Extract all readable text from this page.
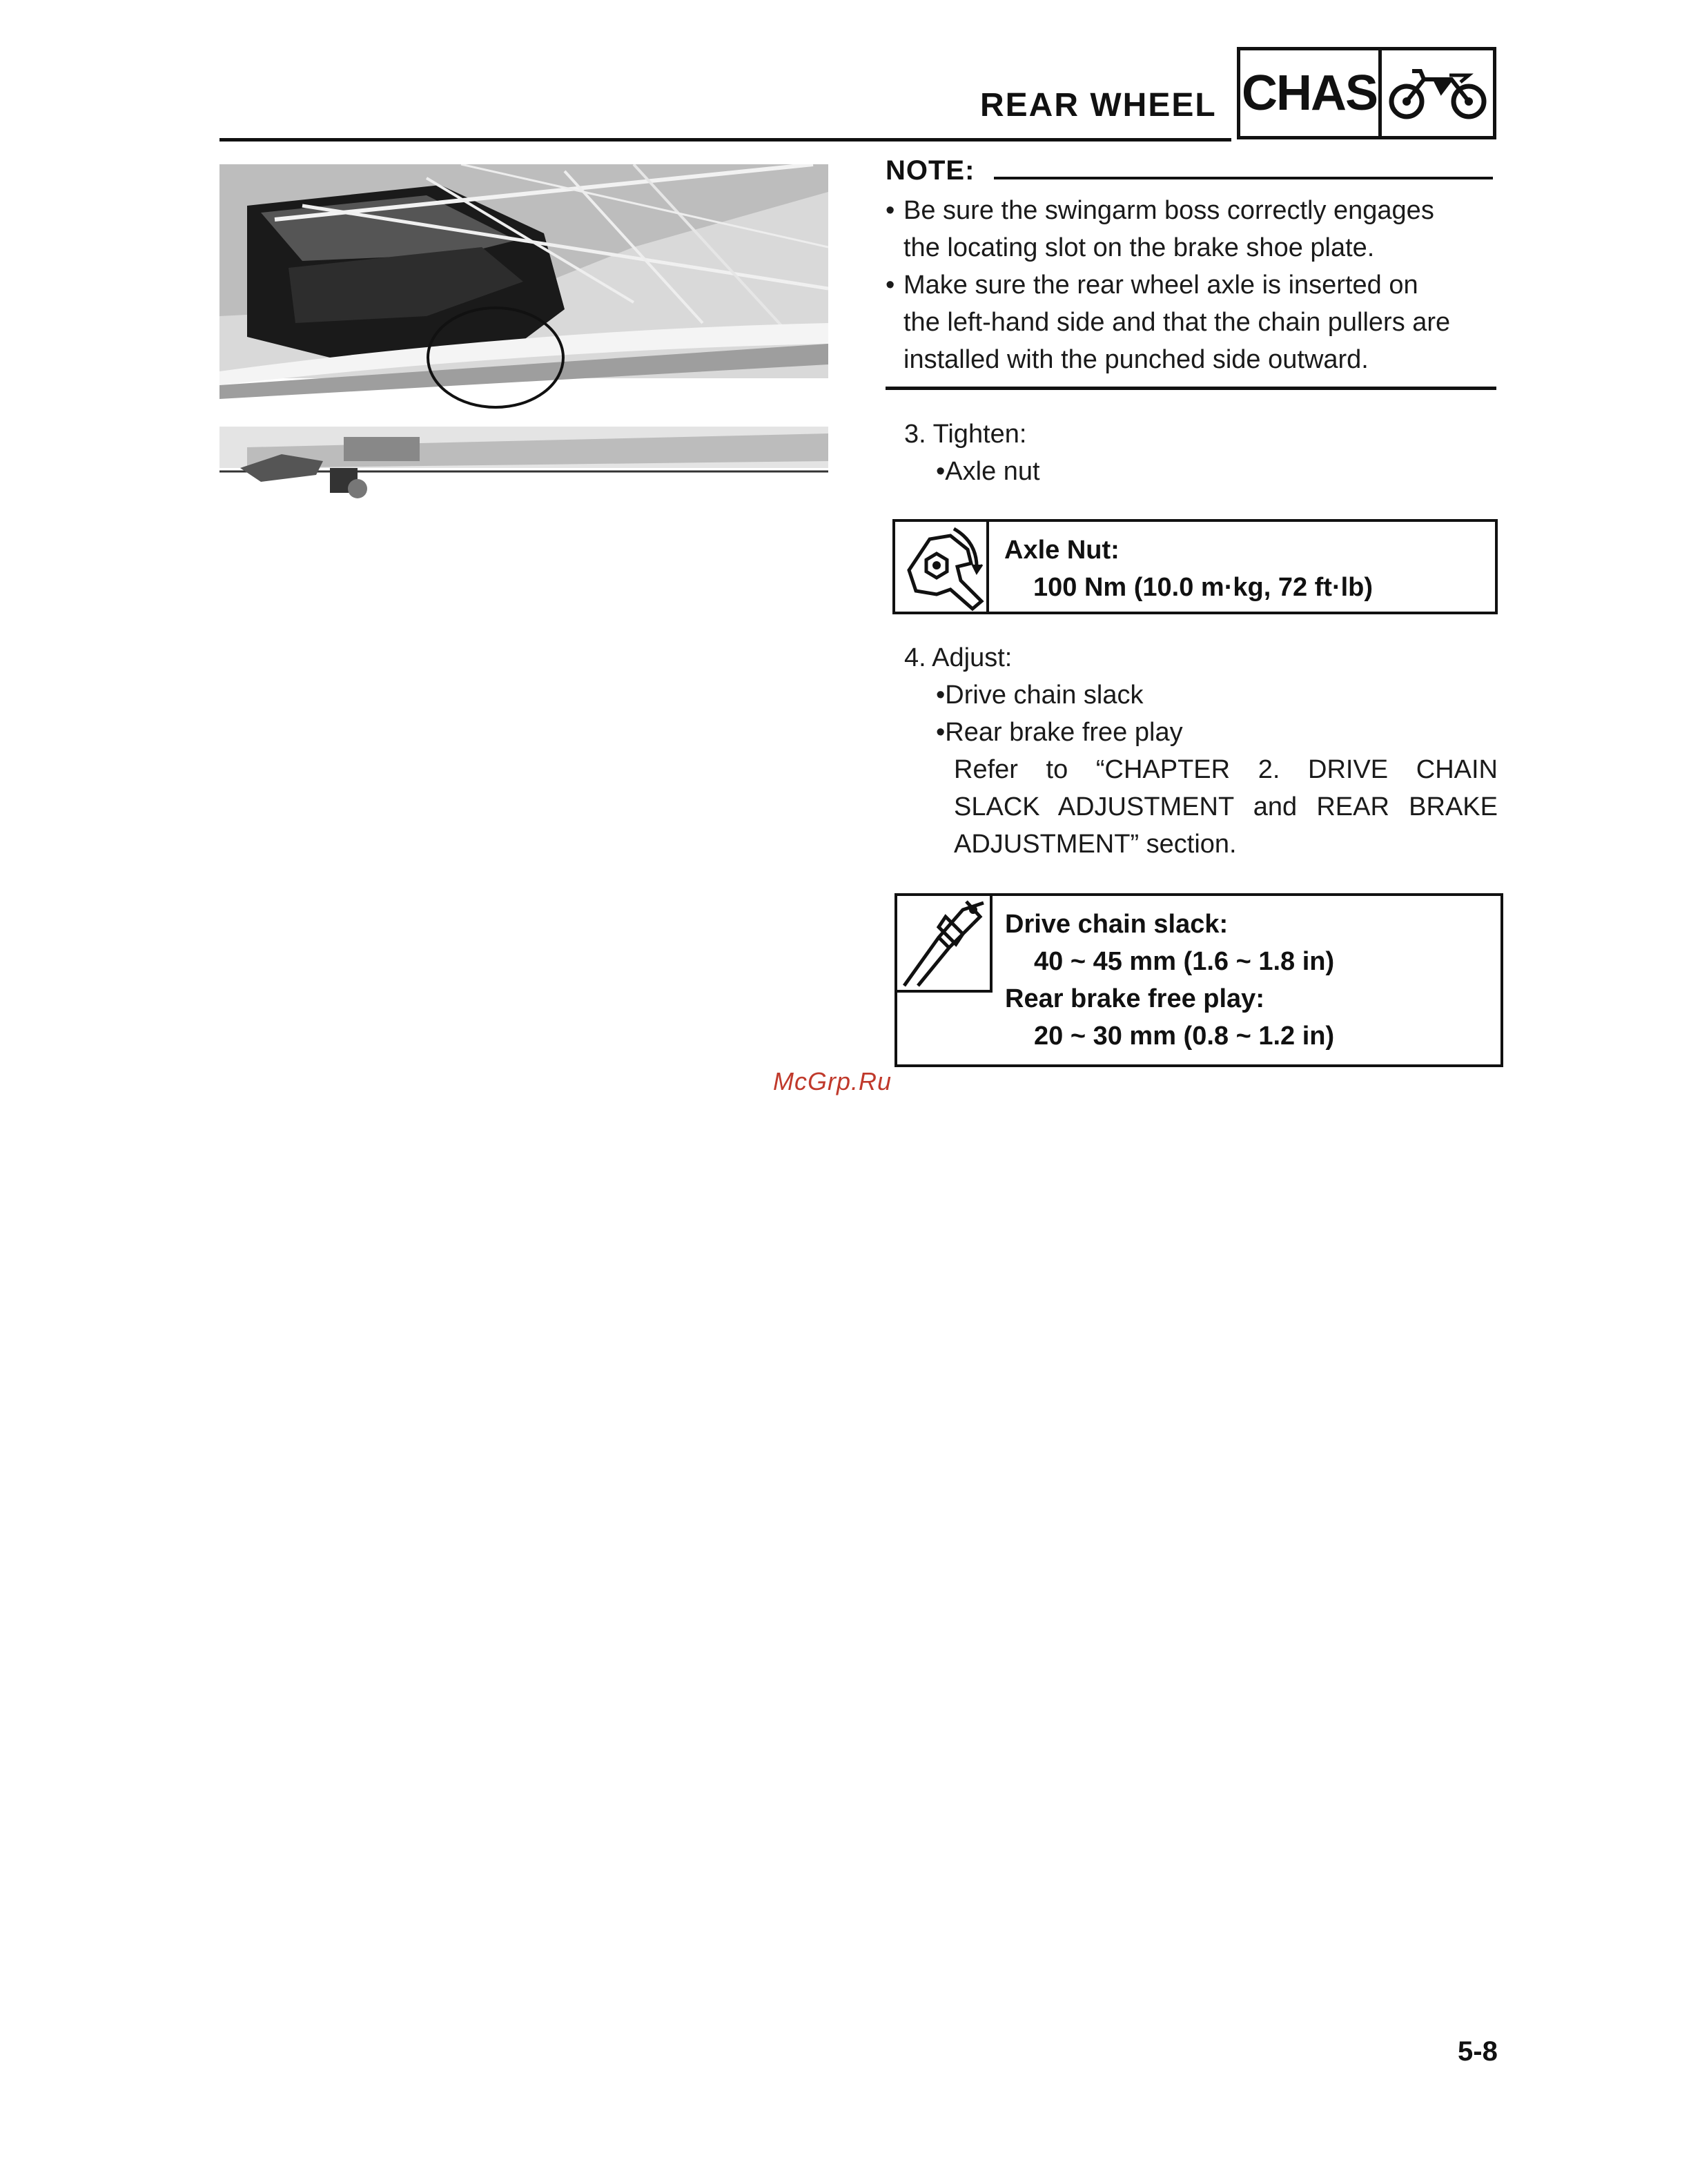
REAR WHEEL CHAS
NOTE:
• Be sure the swingarm boss correctly engages
the locating slot on the brake shoe plate.
• Make sure the rear wheel axle is inserted on
the left-hand side and that the chain pullers are
installed with the punched side outward.
3. Tighten:
•Axle nut
Axle Nut:
100 Nm (10.0 m·kg, 72 ft·lb)
4. Adjust:
•Drive chain slack
•Rear brake free play
Refer to “CHAPTER 2. DRIVE CHAIN
SLACK ADJUSTMENT and REAR BRAKE
ADJUSTMENT” section.
Drive chain slack:
40 ~ 45 mm (1.6 ~ 1.8 in)
Rear brake free play:
20 ~ 30 mm (0.8 ~ 1.2 in)
McGrp.Ru
5-8
